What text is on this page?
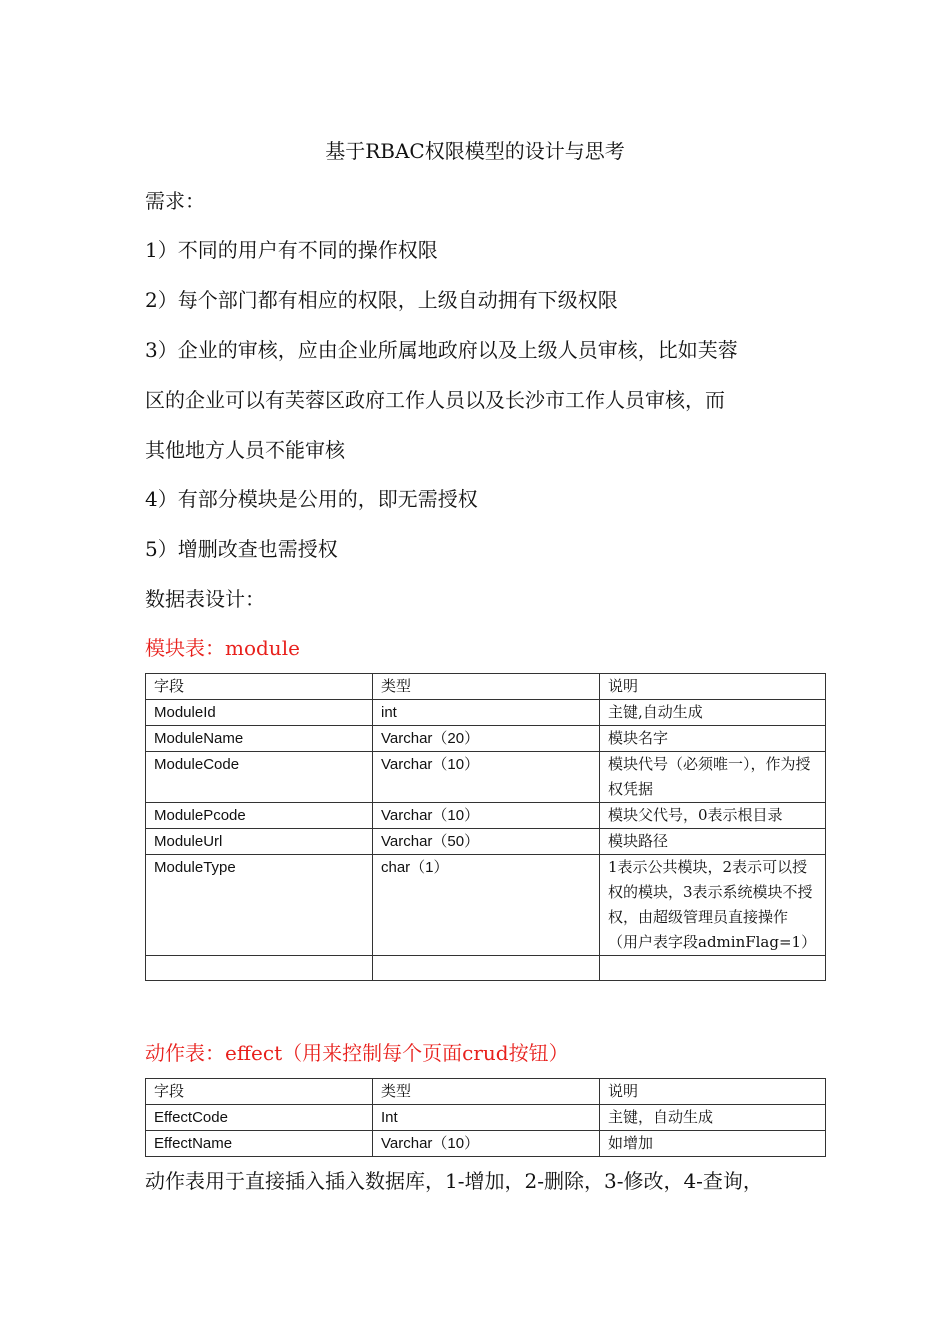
基于RBAC权限模型的设计与思考
需求：
1）不同的用户有不同的操作权限
2）每个部门都有相应的权限，上级自动拥有下级权限
3）企业的审核，应由企业所属地政府以及上级人员审核，比如芙蓉
区的企业可以有芙蓉区政府工作人员以及长沙市工作人员审核，而
其他地方人员不能审核
4）有部分模块是公用的，即无需授权
5）增删改查也需授权
数据表设计：
模块表：module
字段	类型	说明
ModuleId	int	主键,自动生成
ModuleName	Varchar（20）	模块名字
ModuleCode	Varchar（10）	模块代号（必须唯一），作为授权凭据
ModulePcode	Varchar（10）	模块父代号，0表示根目录
ModuleUrl	Varchar（50）	模块路径
ModuleType	char（1）	1表示公共模块，2表示可以授权的模块，3表示系统模块不授权，由超级管理员直接操作（用户表字段adminFlag=1）

动作表：effect（用来控制每个页面crud按钮）
字段	类型	说明
EffectCode	Int	主键，自动生成
EffectName	Varchar（10）	如增加
动作表用于直接插入插入数据库，1-增加，2-删除，3-修改，4-查询，
